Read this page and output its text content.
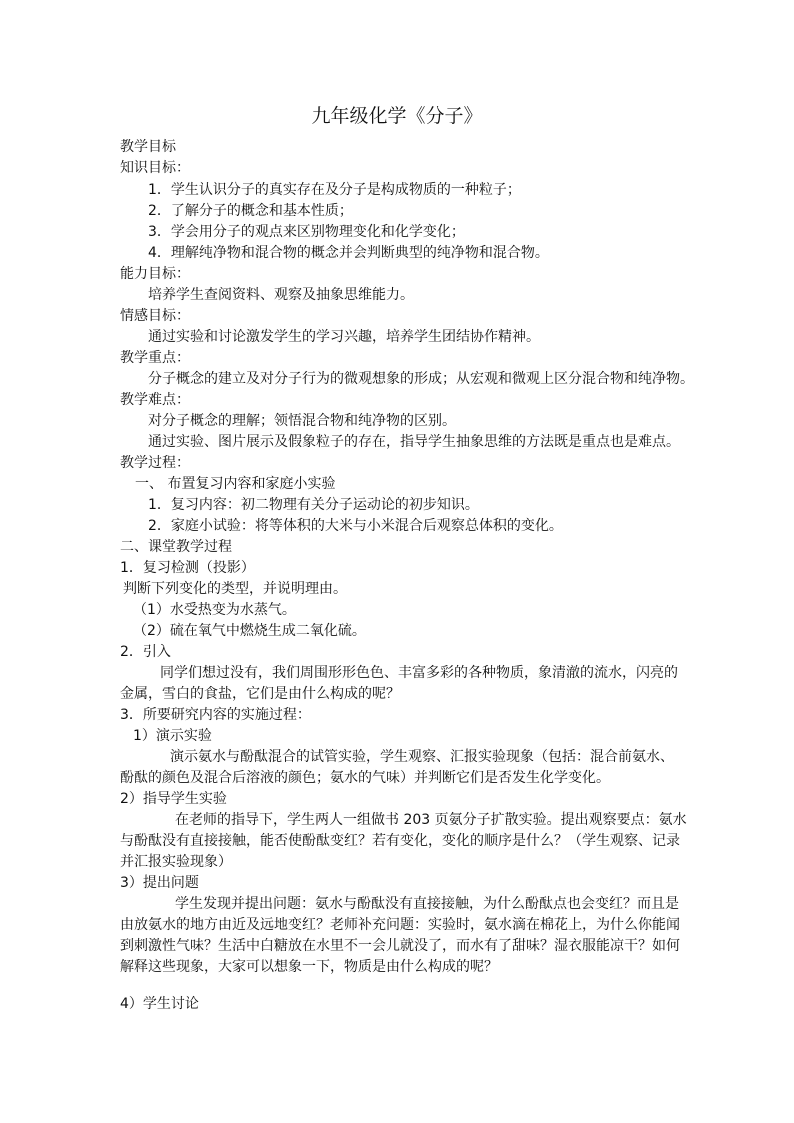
九年级化学《分子》
教学目标
知识目标：
1．学生认识分子的真实存在及分子是构成物质的一种粒子；
2．了解分子的概念和基本性质；
3．学会用分子的观点来区别物理变化和化学变化；
4．理解纯净物和混合物的概念并会判断典型的纯净物和混合物。
能力目标：
培养学生查阅资料、观察及抽象思维能力。
情感目标：
通过实验和讨论激发学生的学习兴趣，培养学生团结协作精神。
教学重点：
分子概念的建立及对分子行为的微观想象的形成；从宏观和微观上区分混合物和纯净物。
教学难点：
对分子概念的理解；领悟混合物和纯净物的区别。
通过实验、图片展示及假象粒子的存在，指导学生抽象思维的方法既是重点也是难点。
教学过程：
一、 布置复习内容和家庭小实验
1．复习内容：初二物理有关分子运动论的初步知识。
2．家庭小试验：将等体积的大米与小米混合后观察总体积的变化。
二、课堂教学过程
1．复习检测（投影）
判断下列变化的类型，并说明理由。
（1）水受热变为水蒸气。
（2）硫在氧气中燃烧生成二氧化硫。
2．引入
同学们想过没有，我们周围形形色色、丰富多彩的各种物质，象清澈的流水，闪亮的
金属，雪白的食盐，它们是由什么构成的呢？
3．所要研究内容的实施过程：
1）演示实验
演示氨水与酚酞混合的试管实验，学生观察、汇报实验现象（包括：混合前氨水、
酚酞的颜色及混合后溶液的颜色；氨水的气味）并判断它们是否发生化学变化。
2）指导学生实验
在老师的指导下，学生两人一组做书 203 页氨分子扩散实验。提出观察要点：氨水
与酚酞没有直接接触，能否使酚酞变红？若有变化，变化的顺序是什么？（学生观察、记录
并汇报实验现象）
3）提出问题
学生发现并提出问题：氨水与酚酞没有直接接触，为什么酚酞点也会变红？而且是
由放氨水的地方由近及远地变红？老师补充问题：实验时，氨水滴在棉花上，为什么你能闻
到刺激性气味？生活中白糖放在水里不一会儿就没了，而水有了甜味？湿衣服能凉干？如何
解释这些现象，大家可以想象一下，物质是由什么构成的呢？
4）学生讨论
